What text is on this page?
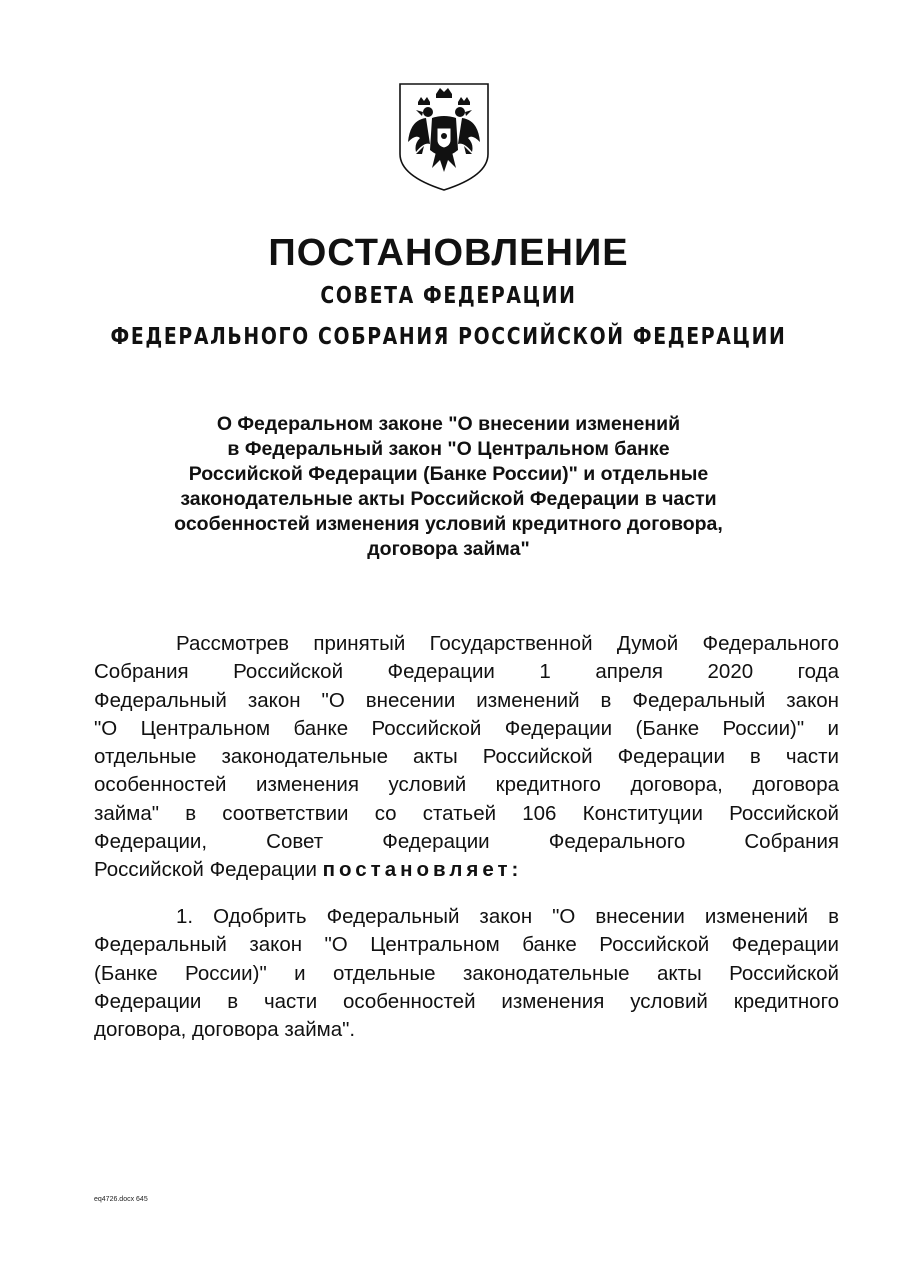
ПОСТАНОВЛЕНИЕ
СОВЕТА ФЕДЕРАЦИИ
ФЕДЕРАЛЬНОГО СОБРАНИЯ РОССИЙСКОЙ ФЕДЕРАЦИИ
О Федеральном законе "О внесении изменений
в Федеральный закон "О Центральном банке
Российской Федерации (Банке России)" и отдельные
законодательные акты Российской Федерации в части
особенностей изменения условий кредитного договора,
договора займа"
Рассмотрев принятый Государственной Думой Федерального
Собрания Российской Федерации 1 апреля 2020 года
Федеральный закон "О внесении изменений в Федеральный закон
"О Центральном банке Российской Федерации (Банке России)" и
отдельные законодательные акты Российской Федерации в части
особенностей изменения условий кредитного договора, договора
займа" в соответствии со статьей 106 Конституции Российской
Федерации, Совет Федерации Федерального Собрания
Российской Федерации постановляет:
1. Одобрить Федеральный закон "О внесении изменений в
Федеральный закон "О Центральном банке Российской Федерации
(Банке России)" и отдельные законодательные акты Российской
Федерации в части особенностей изменения условий кредитного
договора, договора займа".
eq4726.docx 645
